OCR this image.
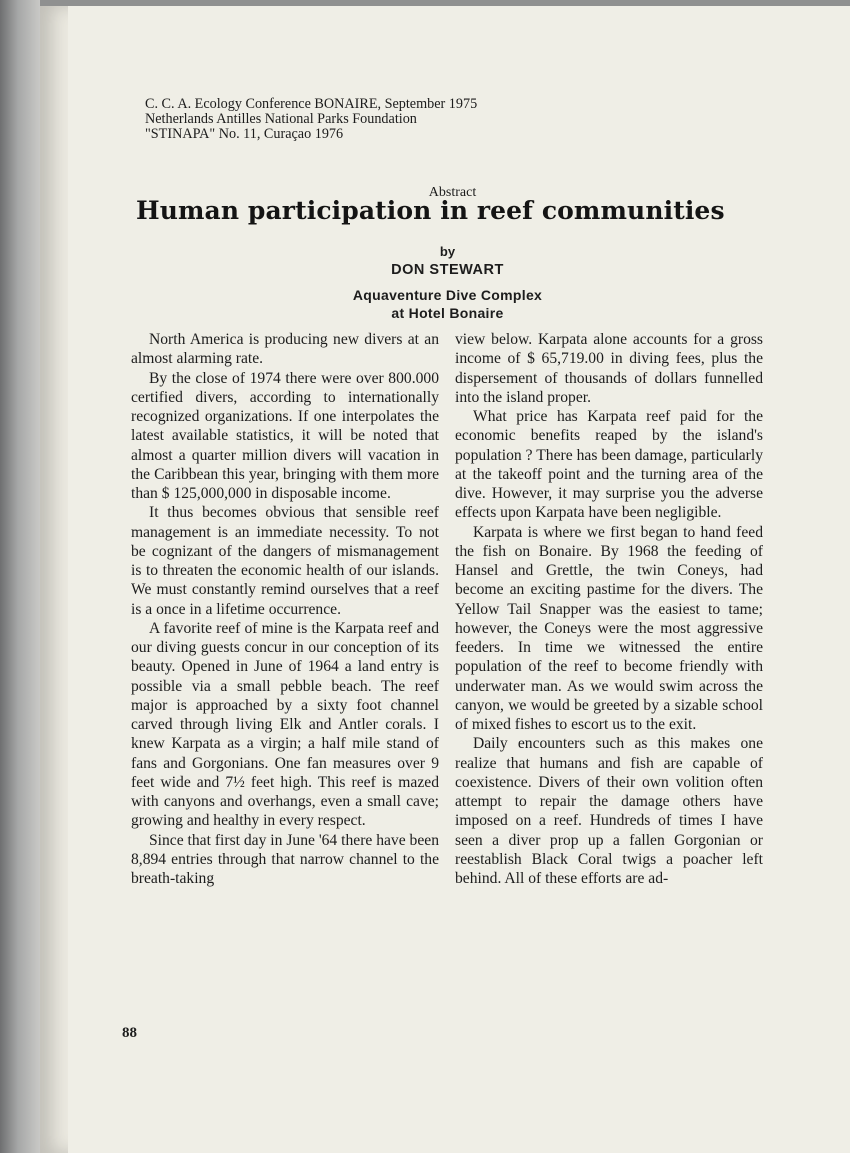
C. C. A. Ecology Conference BONAIRE, September 1975
Netherlands Antilles National Parks Foundation
"STINAPA" No. 11, Curaçao 1976
Abstract
Human participation in reef communities
by
DON STEWART
Aquaventure Dive Complex
at Hotel Bonaire

North America is producing new divers at an almost alarming rate.

By the close of 1974 there were over 800.000 certified divers, according to internationally recognized organizations. If one interpolates the latest available statistics, it will be noted that almost a quarter million divers will vacation in the Caribbean this year, bringing with them more than $ 125,000,000 in disposable income.

It thus becomes obvious that sensible reef management is an immediate necessity. To not be cognizant of the dangers of mismanagement is to threaten the economic health of our islands. We must constantly remind ourselves that a reef is a once in a lifetime occurrence.

A favorite reef of mine is the Karpata reef and our diving guests concur in our conception of its beauty. Opened in June of 1964 a land entry is possible via a small pebble beach. The reef major is approached by a sixty foot channel carved through living Elk and Antler corals. I knew Karpata as a virgin; a half mile stand of fans and Gorgonians. One fan measures over 9 feet wide and 7½ feet high. This reef is mazed with canyons and overhangs, even a small cave; growing and healthy in every respect.

Since that first day in June '64 there have been 8,894 entries through that narrow channel to the breath-taking

view below. Karpata alone accounts for a gross income of $ 65,719.00 in diving fees, plus the dispersement of thousands of dollars funnelled into the island proper.

What price has Karpata reef paid for the economic benefits reaped by the island's population ? There has been damage, particularly at the takeoff point and the turning area of the dive. However, it may surprise you the adverse effects upon Karpata have been negligible.

Karpata is where we first began to hand feed the fish on Bonaire. By 1968 the feeding of Hansel and Grettle, the twin Coneys, had become an exciting pastime for the divers. The Yellow Tail Snapper was the easiest to tame; however, the Coneys were the most aggressive feeders. In time we witnessed the entire population of the reef to become friendly with underwater man. As we would swim across the canyon, we would be greeted by a sizable school of mixed fishes to escort us to the exit.

Daily encounters such as this makes one realize that humans and fish are capable of coexistence. Divers of their own volition often attempt to repair the damage others have imposed on a reef. Hundreds of times I have seen a diver prop up a fallen Gorgonian or reestablish Black Coral twigs a poacher left behind. All of these efforts are ad-

88
